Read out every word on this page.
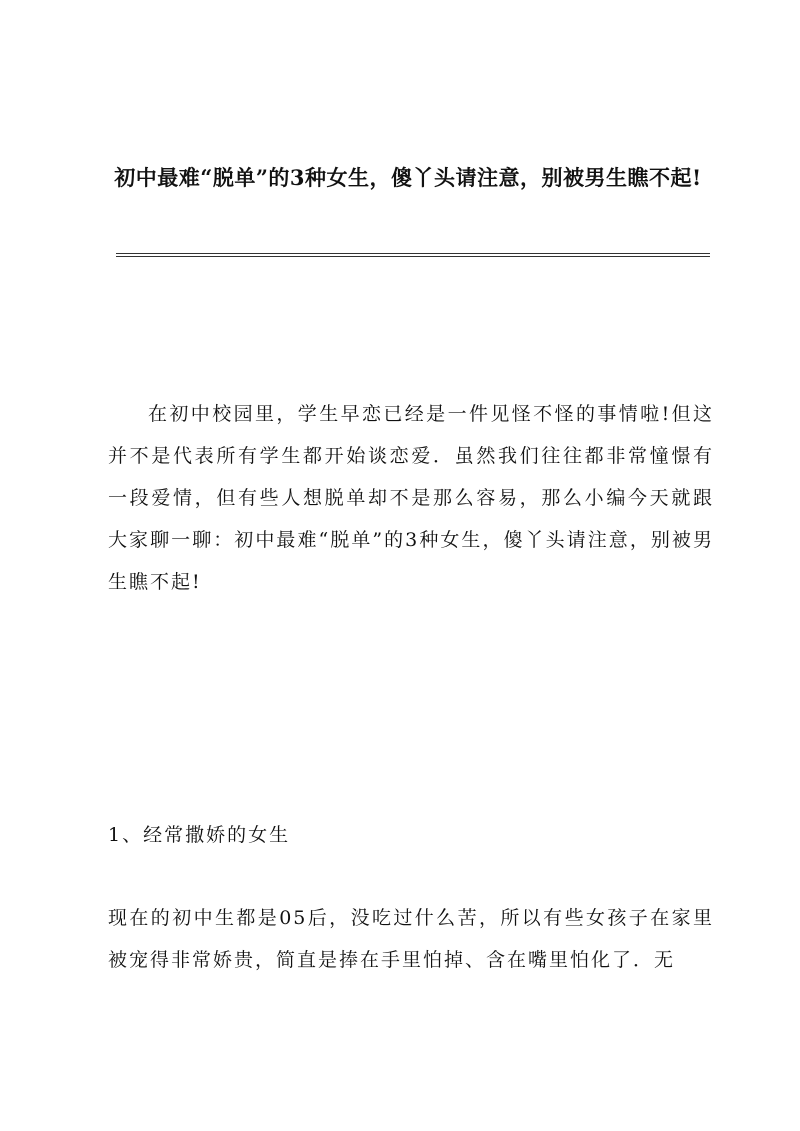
初中最难“脱单”的3种女生，傻丫头请注意，别被男生瞧不起!

在初中校园里，学生早恋已经是一件见怪不怪的事情啦!但这并不是代表所有学生都开始谈恋爱．虽然我们往往都非常憧憬有一段爱情，但有些人想脱单却不是那么容易，那么小编今天就跟大家聊一聊：初中最难“脱单”的3种女生，傻丫头请注意，别被男生瞧不起!

1、经常撒娇的女生

现在的初中生都是05后，没吃过什么苦，所以有些女孩子在家里被宠得非常娇贵，简直是捧在手里怕掉、含在嘴里怕化了．无
